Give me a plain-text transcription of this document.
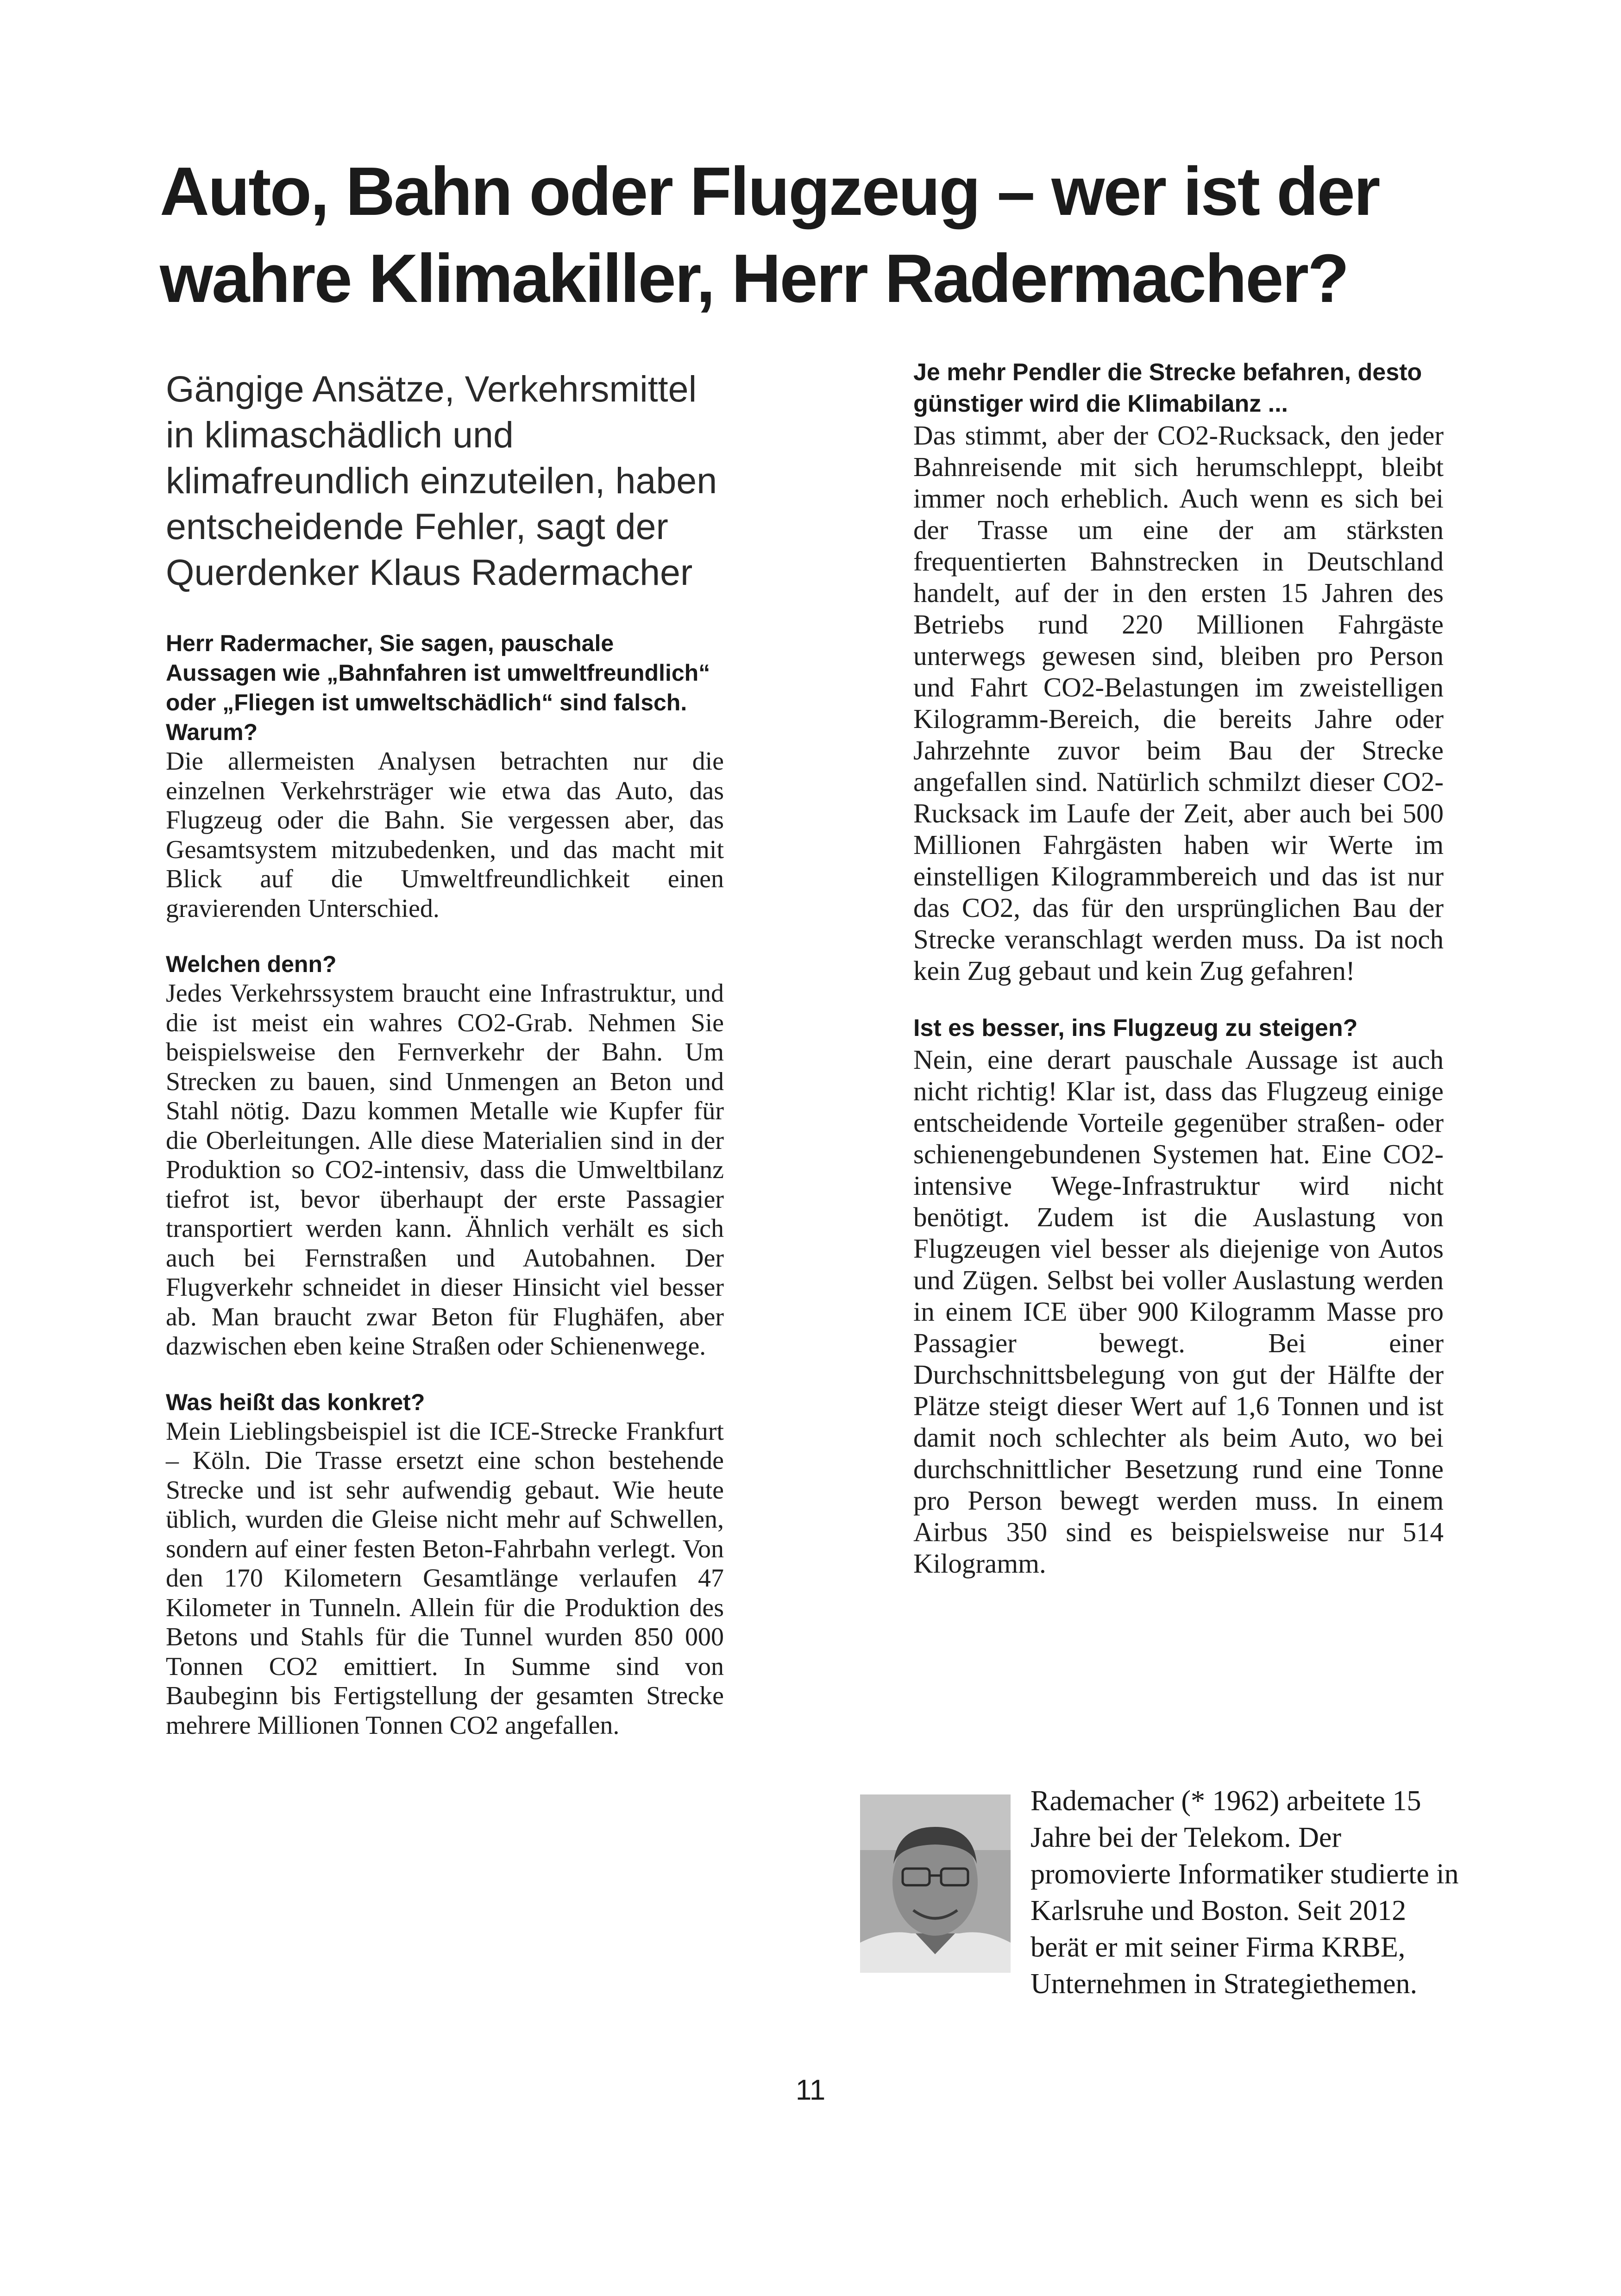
Auto, Bahn oder Flugzeug – wer ist der wahre Klimakiller, Herr Radermacher?

Gängige Ansätze, Verkehrsmittel in klimaschädlich und klimafreundlich einzuteilen, haben entscheidende Fehler, sagt der Querdenker Klaus Radermacher

Herr Radermacher, Sie sagen, pauschale Aussagen wie „Bahnfahren ist umweltfreundlich“ oder „Fliegen ist umweltschädlich“ sind falsch. Warum?

Die allermeisten Analysen betrachten nur die einzelnen Verkehrsträger wie etwa das Auto, das Flugzeug oder die Bahn. Sie vergessen aber, das Gesamtsystem mitzubedenken, und das macht mit Blick auf die Umweltfreundlichkeit einen gravierenden Unterschied.

Welchen denn?

Jedes Verkehrssystem braucht eine Infrastruktur, und die ist meist ein wahres CO2-Grab. Nehmen Sie beispielsweise den Fernverkehr der Bahn. Um Strecken zu bauen, sind Unmengen an Beton und Stahl nötig. Dazu kommen Metalle wie Kupfer für die Oberleitungen. Alle diese Materialien sind in der Produktion so CO2-intensiv, dass die Umweltbilanz tiefrot ist, bevor überhaupt der erste Passagier transportiert werden kann. Ähnlich verhält es sich auch bei Fernstraßen und Autobahnen. Der Flugverkehr schneidet in dieser Hinsicht viel besser ab. Man braucht zwar Beton für Flughäfen, aber dazwischen eben keine Straßen oder Schienenwege.

Was heißt das konkret?

Mein Lieblingsbeispiel ist die ICE-Strecke Frankfurt – Köln. Die Trasse ersetzt eine schon bestehende Strecke und ist sehr aufwendig gebaut. Wie heute üblich, wurden die Gleise nicht mehr auf Schwellen, sondern auf einer festen Beton-Fahrbahn verlegt. Von den 170 Kilometern Gesamtlänge verlaufen 47 Kilometer in Tunneln. Allein für die Produktion des Betons und Stahls für die Tunnel wurden 850 000 Tonnen CO2 emittiert. In Summe sind von Baubeginn bis Fertigstellung der gesamten Strecke mehrere Millionen Tonnen CO2 angefallen.

Je mehr Pendler die Strecke befahren, desto günstiger wird die Klimabilanz ...

Das stimmt, aber der CO2-Rucksack, den jeder Bahnreisende mit sich herumschleppt, bleibt immer noch erheblich. Auch wenn es sich bei der Trasse um eine der am stärksten frequentierten Bahnstrecken in Deutschland handelt, auf der in den ersten 15 Jahren des Betriebs rund 220 Millionen Fahrgäste unterwegs gewesen sind, bleiben pro Person und Fahrt CO2-Belastungen im zweistelligen Kilogramm-Bereich, die bereits Jahre oder Jahrzehnte zuvor beim Bau der Strecke angefallen sind. Natürlich schmilzt dieser CO2-Rucksack im Laufe der Zeit, aber auch bei 500 Millionen Fahrgästen haben wir Werte im einstelligen Kilogrammbereich und das ist nur das CO2, das für den ursprünglichen Bau der Strecke veranschlagt werden muss. Da ist noch kein Zug gebaut und kein Zug gefahren!

Ist es besser, ins Flugzeug zu steigen?

Nein, eine derart pauschale Aussage ist auch nicht richtig! Klar ist, dass das Flugzeug einige entscheidende Vorteile gegenüber straßen- oder schienengebundenen Systemen hat. Eine CO2-intensive Wege-Infrastruktur wird nicht benötigt. Zudem ist die Auslastung von Flugzeugen viel besser als diejenige von Autos und Zügen. Selbst bei voller Auslastung werden in einem ICE über 900 Kilogramm Masse pro Passagier bewegt. Bei einer Durchschnittsbelegung von gut der Hälfte der Plätze steigt dieser Wert auf 1,6 Tonnen und ist damit noch schlechter als beim Auto, wo bei durchschnittlicher Besetzung rund eine Tonne pro Person bewegt werden muss. In einem Airbus 350 sind es beispielsweise nur 514 Kilogramm.

Rademacher (* 1962) arbeitete 15 Jahre bei der Telekom. Der promovierte Informatiker studierte in Karlsruhe und Boston. Seit 2012 berät er mit seiner Firma KRBE, Unternehmen in Strategiethemen.

11
